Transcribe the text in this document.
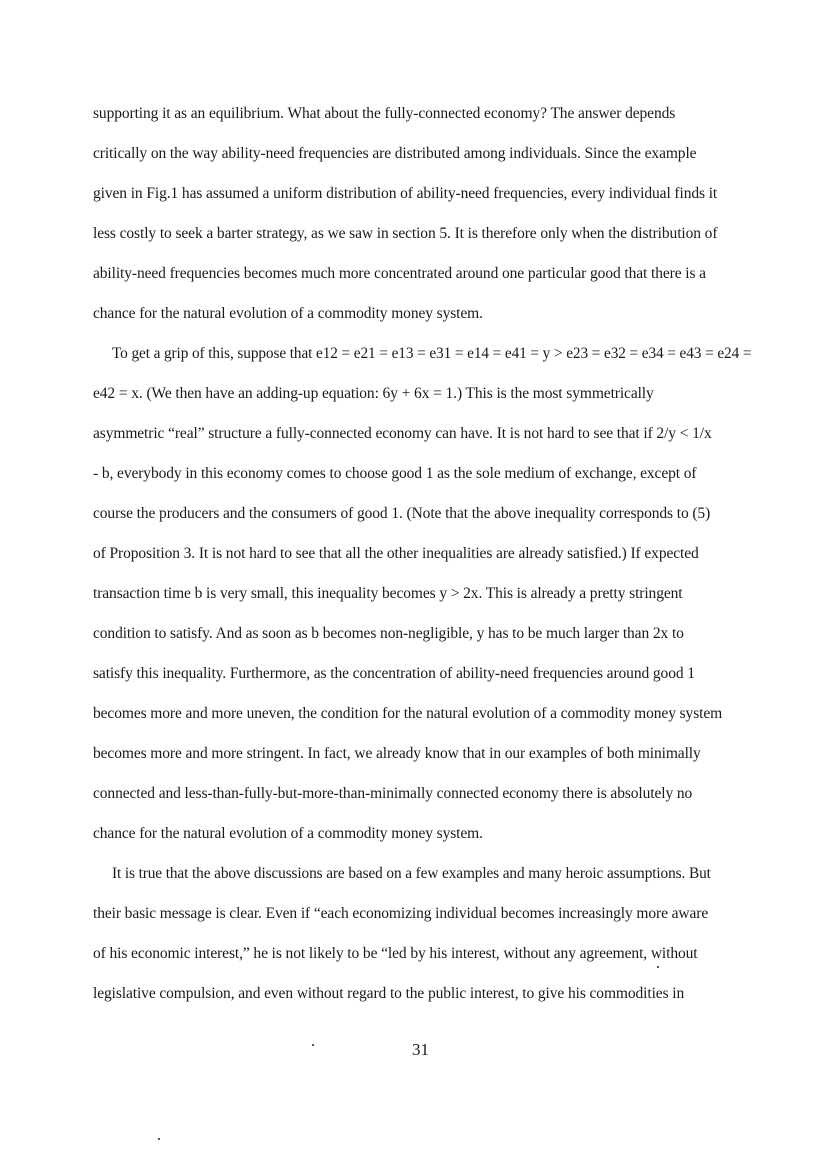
supporting it as an equilibrium. What about the fully-connected economy? The answer depends
critically on the way ability-need frequencies are distributed among individuals. Since the example
given in Fig.1 has assumed a uniform distribution of ability-need frequencies, every individual finds it
less costly to seek a barter strategy, as we saw in section 5. It is therefore only when the distribution of
ability-need frequencies becomes much more concentrated around one particular good that there is a
chance for the natural evolution of a commodity money system.
To get a grip of this, suppose that e12 = e21 = e13 = e31 = e14 = e41 = y > e23 = e32 = e34 = e43 = e24 =
e42 = x. (We then have an adding-up equation: 6y + 6x = 1.) This is the most symmetrically
asymmetric “real” structure a fully-connected economy can have. It is not hard to see that if 2/y < 1/x
- b, everybody in this economy comes to choose good 1 as the sole medium of exchange, except of
course the producers and the consumers of good 1. (Note that the above inequality corresponds to (5)
of Proposition 3. It is not hard to see that all the other inequalities are already satisfied.) If expected
transaction time b is very small, this inequality becomes y > 2x. This is already a pretty stringent
condition to satisfy. And as soon as b becomes non-negligible, y has to be much larger than 2x to
satisfy this inequality. Furthermore, as the concentration of ability-need frequencies around good 1
becomes more and more uneven, the condition for the natural evolution of a commodity money system
becomes more and more stringent. In fact, we already know that in our examples of both minimally
connected and less-than-fully-but-more-than-minimally connected economy there is absolutely no
chance for the natural evolution of a commodity money system.
It is true that the above discussions are based on a few examples and many heroic assumptions. But
their basic message is clear. Even if “each economizing individual becomes increasingly more aware
of his economic interest,” he is not likely to be “led by his interest, without any agreement, without
legislative compulsion, and even without regard to the public interest, to give his commodities in
31
